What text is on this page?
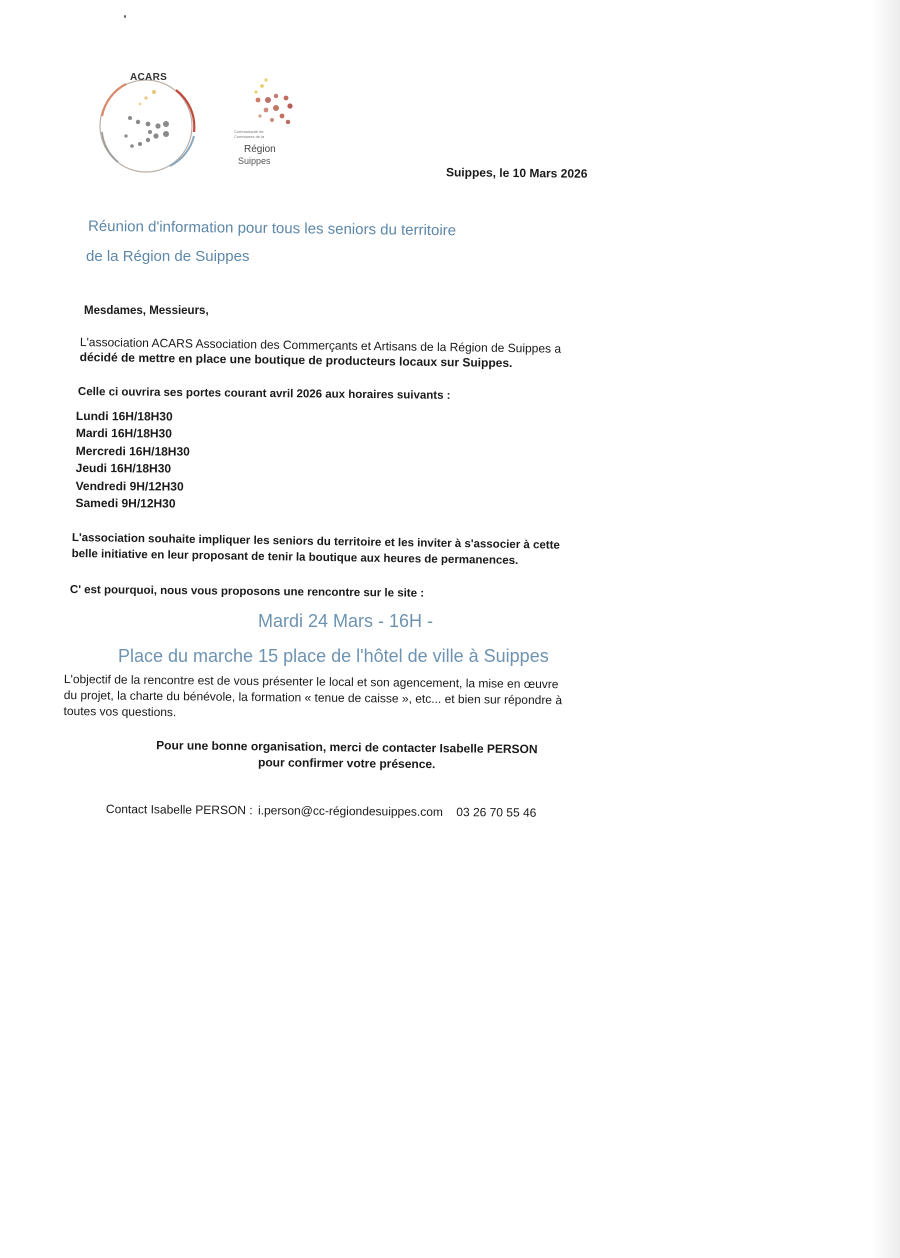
ACARS
Communauté de Communes de la
Région
Suippes
Suippes, le 10 Mars 2026
Réunion d'information pour tous les seniors du territoire
de la Région de Suippes
Mesdames, Messieurs,
L'association ACARS Association des Commerçants et Artisans de la Région de Suippes a
décidé de mettre en place une boutique de producteurs locaux sur Suippes.
Celle ci ouvrira ses portes courant avril 2026 aux horaires suivants :
Lundi 16H/18H30
Mardi 16H/18H30
Mercredi 16H/18H30
Jeudi 16H/18H30
Vendredi 9H/12H30
Samedi 9H/12H30
L'association souhaite impliquer les seniors du territoire et les inviter à s'associer à cette
belle initiative en leur proposant de tenir la boutique aux heures de permanences.
C' est pourquoi, nous vous proposons une rencontre sur le site :
Mardi 24 Mars - 16H -
Place du marche 15 place de l'hôtel de ville à Suippes
L'objectif de la rencontre est de vous présenter le local et son agencement, la mise en œuvre
du projet, la charte du bénévole, la formation « tenue de caisse », etc... et bien sur répondre à
toutes vos questions.
Pour une bonne organisation, merci de contacter Isabelle PERSON
pour confirmer votre présence.
Contact Isabelle PERSON : i.person@cc-régiondesuippes.com 03 26 70 55 46
